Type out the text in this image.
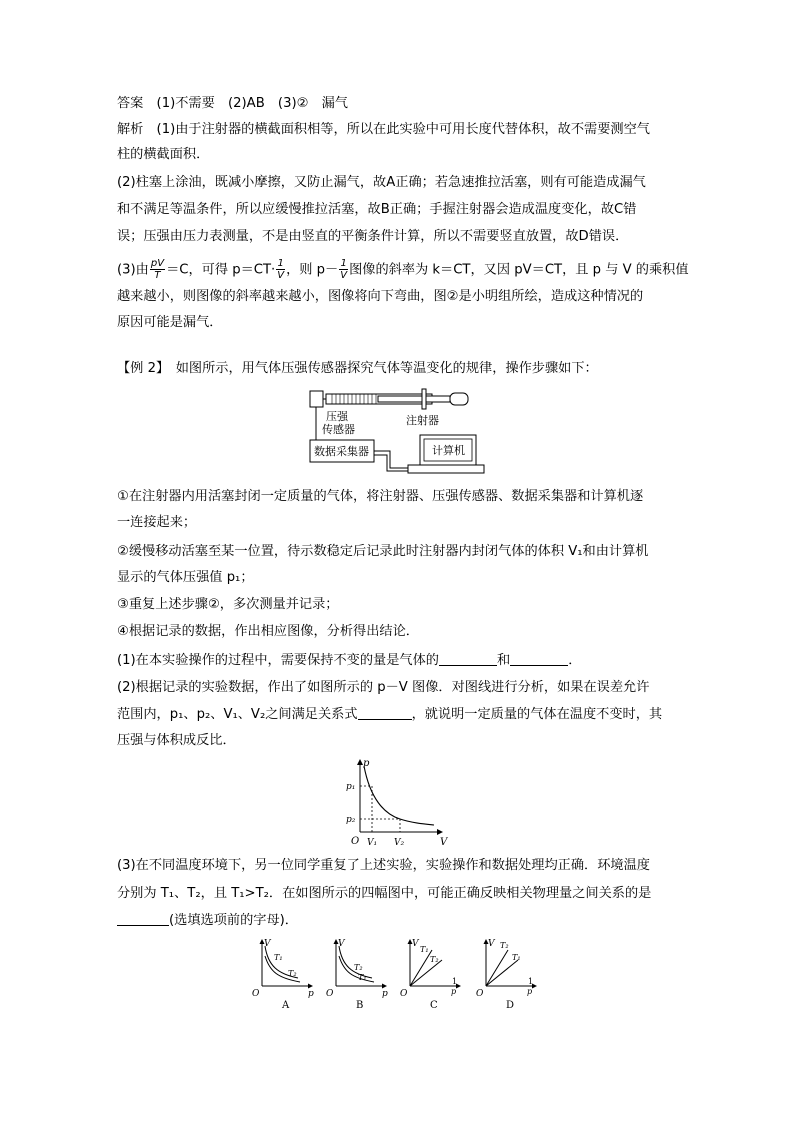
答案　(1)不需要　(2)AB　(3)②　漏气
解析　(1)由于注射器的横截面积相等，所以在此实验中可用长度代替体积，故不需要测空气
柱的横截面积．
(2)柱塞上涂油，既减小摩擦，又防止漏气，故A正确；若急速推拉活塞，则有可能造成漏气
和不满足等温条件，所以应缓慢推拉活塞，故B正确；手握注射器会造成温度变化，故C错
误；压强由压力表测量，不是由竖直的平衡条件计算，所以不需要竖直放置，故D错误．
(3)由 $\frac{pV}{T} =C$，可得 $p=CT\cdot \frac{1}{V}$ ，则 $p- \frac{1}{V}$ 图像的斜率为 k＝CT，又因 pV＝CT，且 p 与 V 的乘积值
越来越小，则图像的斜率越来越小，图像将向下弯曲，图②是小明组所绘，造成这种情况的
原因可能是漏气．
【例 2】　如图所示，用气体压强传感器探究气体等温变化的规律，操作步骤如下：
压强
传感器
注射器
数据采集器	计算机
①在注射器内用活塞封闭一定质量的气体，将注射器、压强传感器、数据采集器和计算机逐
一连接起来；
②缓慢移动活塞至某一位置，待示数稳定后记录此时注射器内封闭气体的体积 V₁和由计算机
显示的气体压强值 p₁；
③重复上述步骤②，多次测量并记录；
④根据记录的数据，作出相应图像，分析得出结论．
(1)在本实验操作的过程中，需要保持不变的量是气体的	和	．
(2)根据记录的实验数据，作出了如图所示的 p－V 图像．对图线进行分析，如果在误差允许
范围内，p₁、p₂、V₁、V₂之间满足关系式	，就说明一定质量的气体在温度不变时，其
压强与体积成反比．
p
V
O
p₁
p₂
V₁ V₂
(3)在不同温度环境下，另一位同学重复了上述实验，实验操作和数据处理均正确．环境温度
分别为 T₁、T₂，且 T₁>T₂．在如图所示的四幅图中，可能正确反映相关物理量之间关系的是
(选填选项前的字母)．
V
O	p
T₁
T₂
A
V
O	p
T₂
T₁
B
V
O
1
p
T₁
T₂
C
V
O
1
p
T₂
T₁
D
